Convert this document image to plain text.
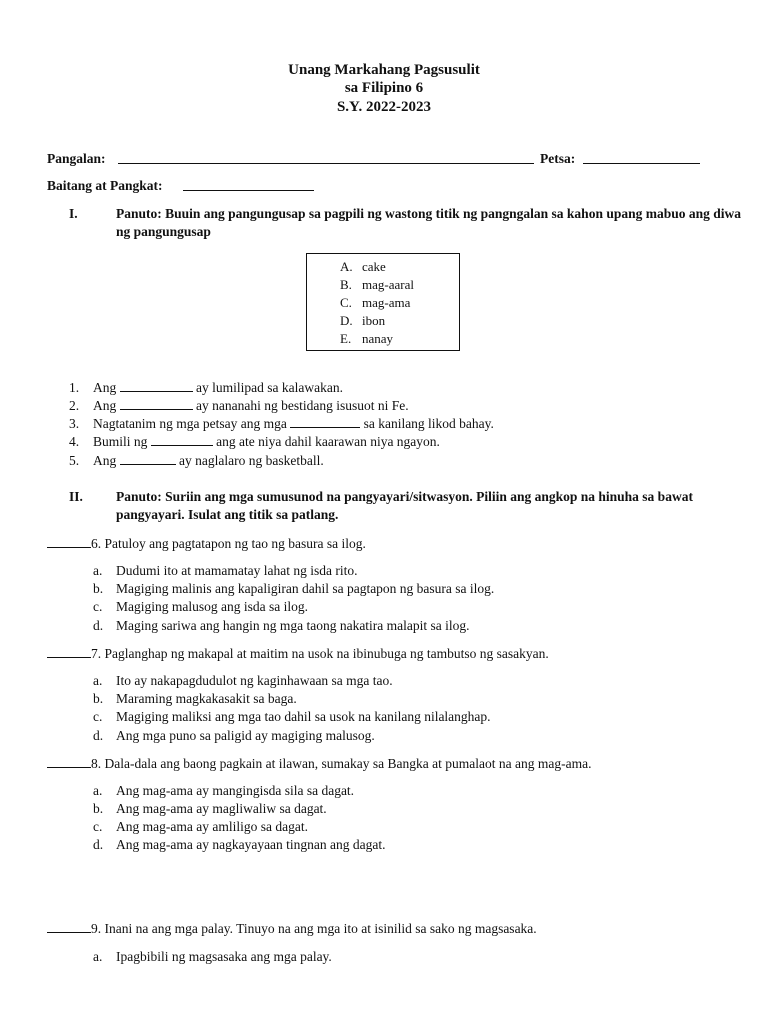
Unang Markahang Pagsusulit
sa Filipino 6
S.Y. 2022-2023
Pangalan:	Petsa:
Baitang at Pangkat:
I.	Panuto: Buuin ang pangungusap sa pagpili ng wastong titik ng pangngalan sa kahon upang mabuo ang diwa ng pangungusap
A. cake
B. mag-aaral
C. mag-ama
D. ibon
E. nanay
1. Ang	ay lumilipad sa kalawakan.
2. Ang	ay nananahi ng bestidang isusuot ni Fe.
3. Nagtatanim ng mga petsay ang mga	sa kanilang likod bahay.
4. Bumili ng	ang ate niya dahil kaarawan niya ngayon.
5. Ang	ay naglalaro ng basketball.
II. Panuto: Suriin ang mga sumusunod na pangyayari/sitwasyon. Piliin ang angkop na hinuha sa bawat pangyayari. Isulat ang titik sa patlang.
6. Patuloy ang pagtatapon ng tao ng basura sa ilog.
a. Dudumi ito at mamamatay lahat ng isda rito.
b. Magiging malinis ang kapaligiran dahil sa pagtapon ng basura sa ilog.
c. Magiging malusog ang isda sa ilog.
d. Maging sariwa ang hangin ng mga taong nakatira malapit sa ilog.
7. Paglanghap ng makapal at maitim na usok na ibinubuga ng tambutso ng sasakyan.
a. Ito ay nakapagdudulot ng kaginhawaan sa mga tao.
b. Maraming magkakasakit sa baga.
c. Magiging maliksi ang mga tao dahil sa usok na kanilang nilalanghap.
d. Ang mga puno sa paligid ay magiging malusog.
8. Dala-dala ang baong pagkain at ilawan, sumakay sa Bangka at pumalaot na ang mag-ama.
a. Ang mag-ama ay mangingisda sila sa dagat.
b. Ang mag-ama ay magliwaliw sa dagat.
c. Ang mag-ama ay amliligo sa dagat.
d. Ang mag-ama ay nagkayayaan tingnan ang dagat.
9. Inani na ang mga palay. Tinuyo na ang mga ito at isinilid sa sako ng magsasaka.
a. Ipagbibili ng magsasaka ang mga palay.
